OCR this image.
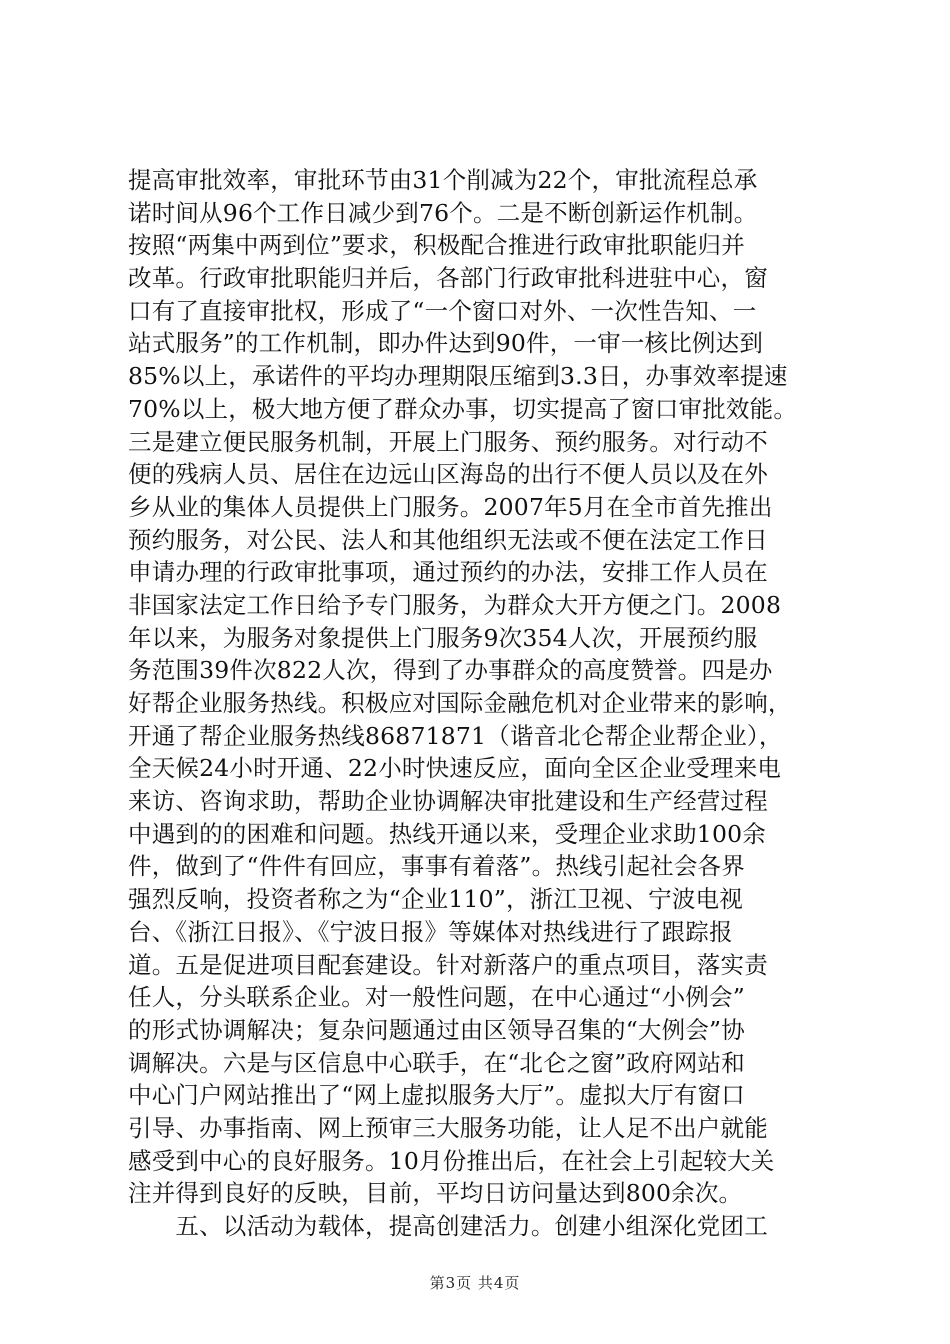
提高审批效率，审批环节由31个削减为22个，审批流程总承
诺时间从96个工作日减少到76个。二是不断创新运作机制。
按照“两集中两到位”要求，积极配合推进行政审批职能归并
改革。行政审批职能归并后，各部门行政审批科进驻中心，窗
口有了直接审批权，形成了“一个窗口对外、一次性告知、一
站式服务”的工作机制，即办件达到90件，一审一核比例达到
85%以上，承诺件的平均办理期限压缩到3.3日，办事效率提速
70%以上，极大地方便了群众办事，切实提高了窗口审批效能。
三是建立便民服务机制，开展上门服务、预约服务。对行动不
便的残病人员、居住在边远山区海岛的出行不便人员以及在外
乡从业的集体人员提供上门服务。2007年5月在全市首先推出
预约服务，对公民、法人和其他组织无法或不便在法定工作日
申请办理的行政审批事项，通过预约的办法，安排工作人员在
非国家法定工作日给予专门服务，为群众大开方便之门。2008
年以来，为服务对象提供上门服务9次354人次，开展预约服
务范围39件次822人次，得到了办事群众的高度赞誉。四是办
好帮企业服务热线。积极应对国际金融危机对企业带来的影响，
开通了帮企业服务热线86871871（谐音北仑帮企业帮企业），
全天候24小时开通、22小时快速反应，面向全区企业受理来电
来访、咨询求助，帮助企业协调解决审批建设和生产经营过程
中遇到的的困难和问题。热线开通以来，受理企业求助100余
件，做到了“件件有回应，事事有着落”。热线引起社会各界
强烈反响，投资者称之为“企业110”，浙江卫视、宁波电视
台、《浙江日报》、《宁波日报》等媒体对热线进行了跟踪报
道。五是促进项目配套建设。针对新落户的重点项目，落实责
任人，分头联系企业。对一般性问题，在中心通过“小例会”
的形式协调解决；复杂问题通过由区领导召集的“大例会”协
调解决。六是与区信息中心联手，在“北仑之窗”政府网站和
中心门户网站推出了“网上虚拟服务大厅”。虚拟大厅有窗口
引导、办事指南、网上预审三大服务功能，让人足不出户就能
感受到中心的良好服务。10月份推出后，在社会上引起较大关
注并得到良好的反映，目前，平均日访问量达到800余次。
　　五、以活动为载体，提高创建活力。创建小组深化党团工
第3页 共4页
